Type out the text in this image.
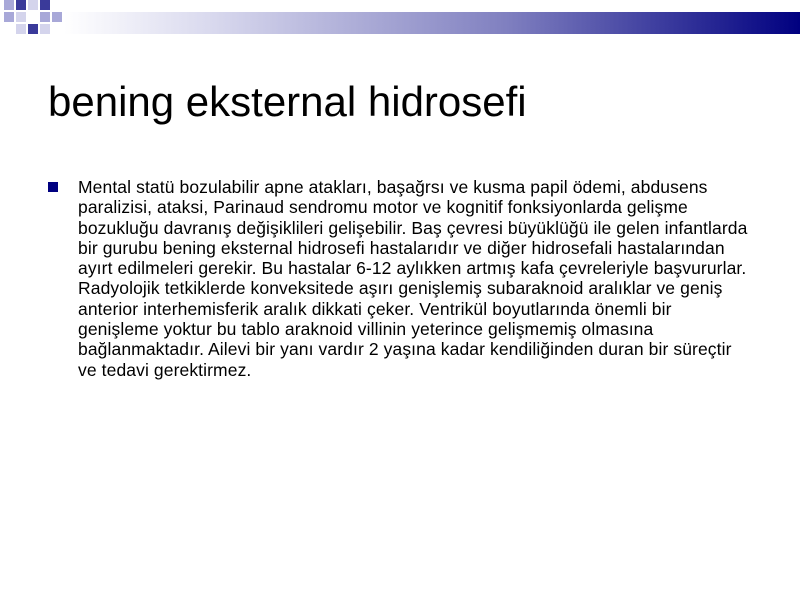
bening eksternal hidrosefi

Mental statü bozulabilir apne atakları, başağrsı ve kusma papil ödemi, abdusens paralizisi, ataksi, Parinaud sendromu motor ve kognitif fonksiyonlarda gelişme bozukluğu davranış değişiklileri gelişebilir. Baş çevresi büyüklüğü ile gelen infantlarda bir gurubu bening eksternal hidrosefi hastalarıdır ve diğer hidrosefali hastalarından ayırt edilmeleri gerekir. Bu hastalar 6-12 aylıkken artmış kafa çevreleriyle başvururlar. Radyolojik tetkiklerde konveksitede aşırı genişlemiş subaraknoid aralıklar ve geniş anterior interhemisferik aralık dikkati çeker. Ventrikül boyutlarında önemli bir genişleme yoktur bu tablo araknoid villinin yeterince gelişmemiş olmasına bağlanmaktadır. Ailevi bir yanı vardır 2 yaşına kadar kendiliğinden duran bir süreçtir ve tedavi gerektirmez.
